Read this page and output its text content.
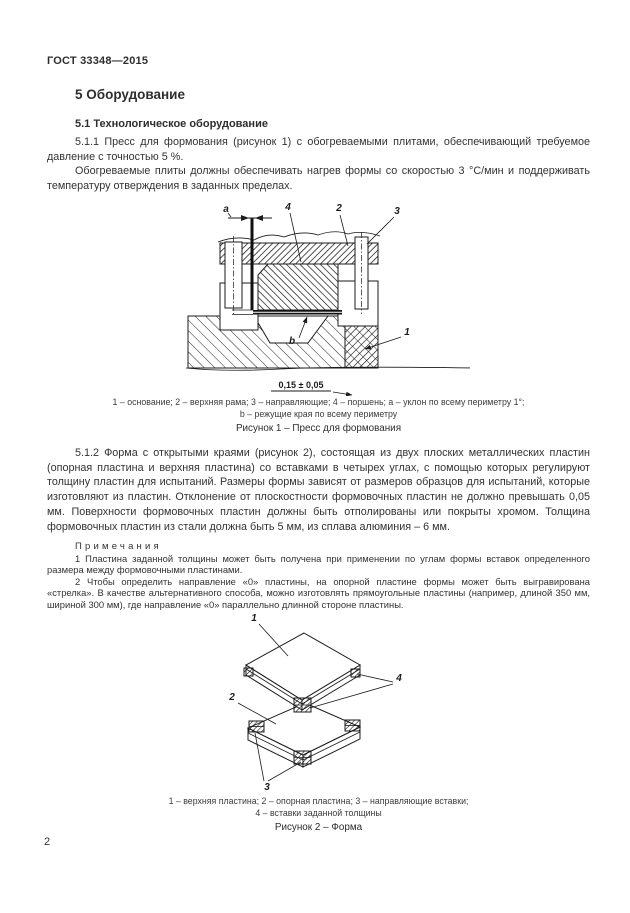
ГОСТ 33348—2015
5 Оборудование
5.1 Технологическое оборудование
5.1.1 Пресс для формования (рисунок 1) с обогреваемыми плитами, обеспечивающий требуемое давление с точностью 5 %.
Обогреваемые плиты должны обеспечивать нагрев формы со скоростью 3 °С/мин и поддерживать температуру отверждения в заданных пределах.
a	4	2	3
b
1
0,15 ± 0,05
1 – основание; 2 – верхняя рама; 3 – направляющие; 4 – поршень; a – уклон по всему периметру 1°;
b – режущие края по всему периметру
Рисунок 1 – Пресс для формования
5.1.2 Форма с открытыми краями (рисунок 2), состоящая из двух плоских металлических пластин (опорная пластина и верхняя пластина) со вставками в четырех углах, с помощью которых регулируют толщину пластин для испытаний. Размеры формы зависят от размеров образцов для испытаний, которые изготовляют из пластин. Отклонение от плоскостности формовочных пластин не должно превышать 0,05 мм. Поверхности формовочных пластин должны быть отполированы или покрыты хромом. Толщина формовочных пластин из стали должна быть 5 мм, из сплава алюминия – 6 мм.
Примечания
1 Пластина заданной толщины может быть получена при применении по углам формы вставок определенного размера между формовочными пластинами.
2 Чтобы определить направление «0» пластины, на опорной пластине формы может быть выгравирована «стрелка». В качестве альтернативного способа, можно изготовлять прямоугольные пластины (например, длиной 350 мм, шириной 300 мм), где направление «0» параллельно длинной стороне пластины.
1
2
4
3
1 – верхняя пластина; 2 – опорная пластина; 3 – направляющие вставки;
4 – вставки заданной толщины
Рисунок 2 – Форма
2
